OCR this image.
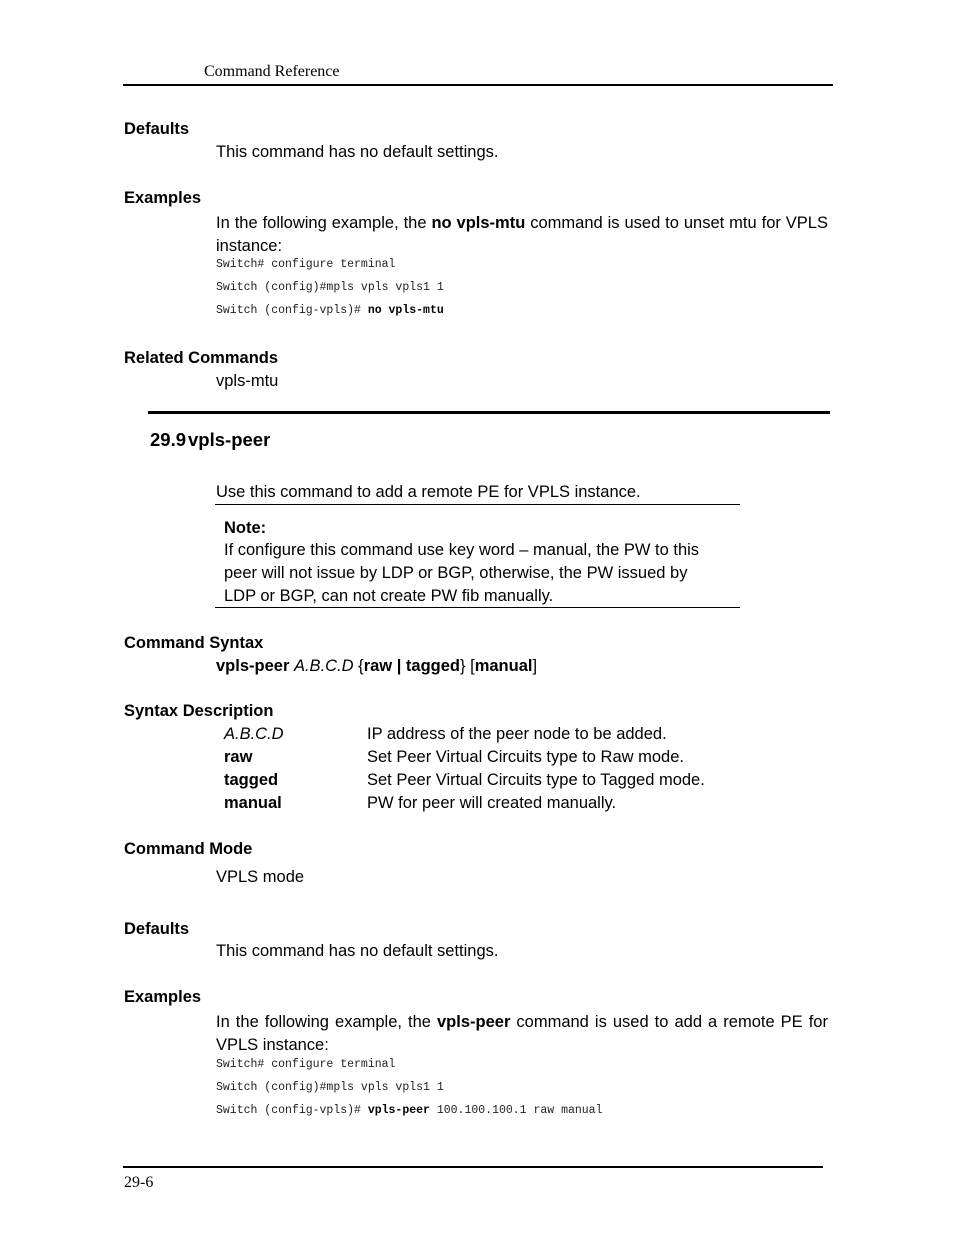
Command Reference
Defaults
This command has no default settings.
Examples
In the following example, the no vpls-mtu command is used to unset mtu for VPLS instance:
Switch# configure terminal
Switch (config)#mpls vpls vpls1 1
Switch (config-vpls)# no vpls-mtu
Related Commands
vpls-mtu
29.9 vpls-peer
Use this command to add a remote PE for VPLS instance.
Note:
If configure this command use key word – manual, the PW to this
peer will not issue by LDP or BGP, otherwise, the PW issued by
LDP or BGP, can not create PW fib manually.
Command Syntax
vpls-peer A.B.C.D {raw | tagged} [manual]
Syntax Description
A.B.C.D	IP address of the peer node to be added.
raw	Set Peer Virtual Circuits type to Raw mode.
tagged	Set Peer Virtual Circuits type to Tagged mode.
manual	PW for peer will created manually.
Command Mode
VPLS mode
Defaults
This command has no default settings.
Examples
In the following example, the vpls-peer command is used to add a remote PE for VPLS instance:
Switch# configure terminal
Switch (config)#mpls vpls vpls1 1
Switch (config-vpls)# vpls-peer 100.100.100.1 raw manual
29-6
